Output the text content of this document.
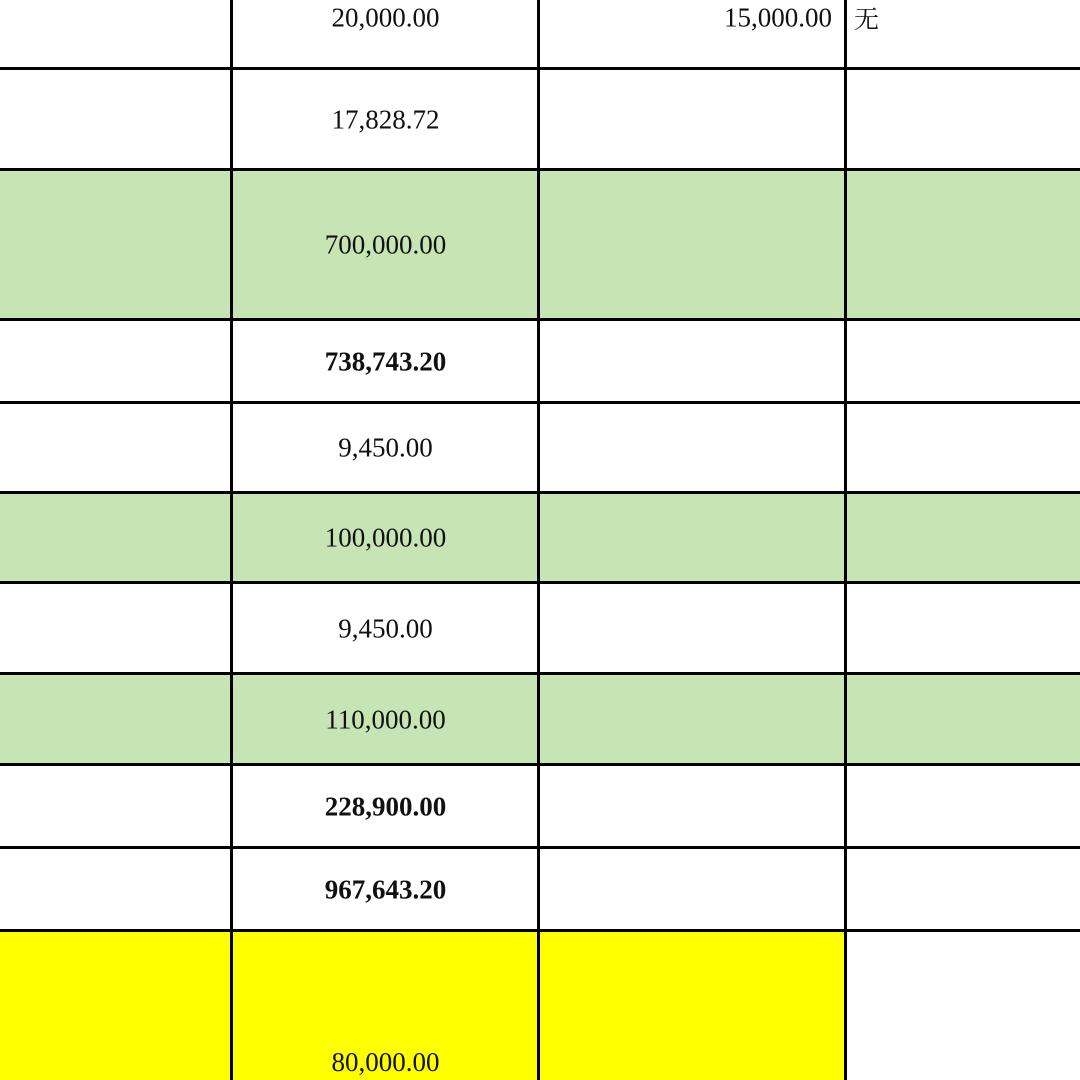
20,000.00	15,000.00 无
17,828.72
700,000.00
738,743.20
9,450.00
100,000.00
9,450.00
110,000.00
228,900.00
967,643.20
80,000.00
